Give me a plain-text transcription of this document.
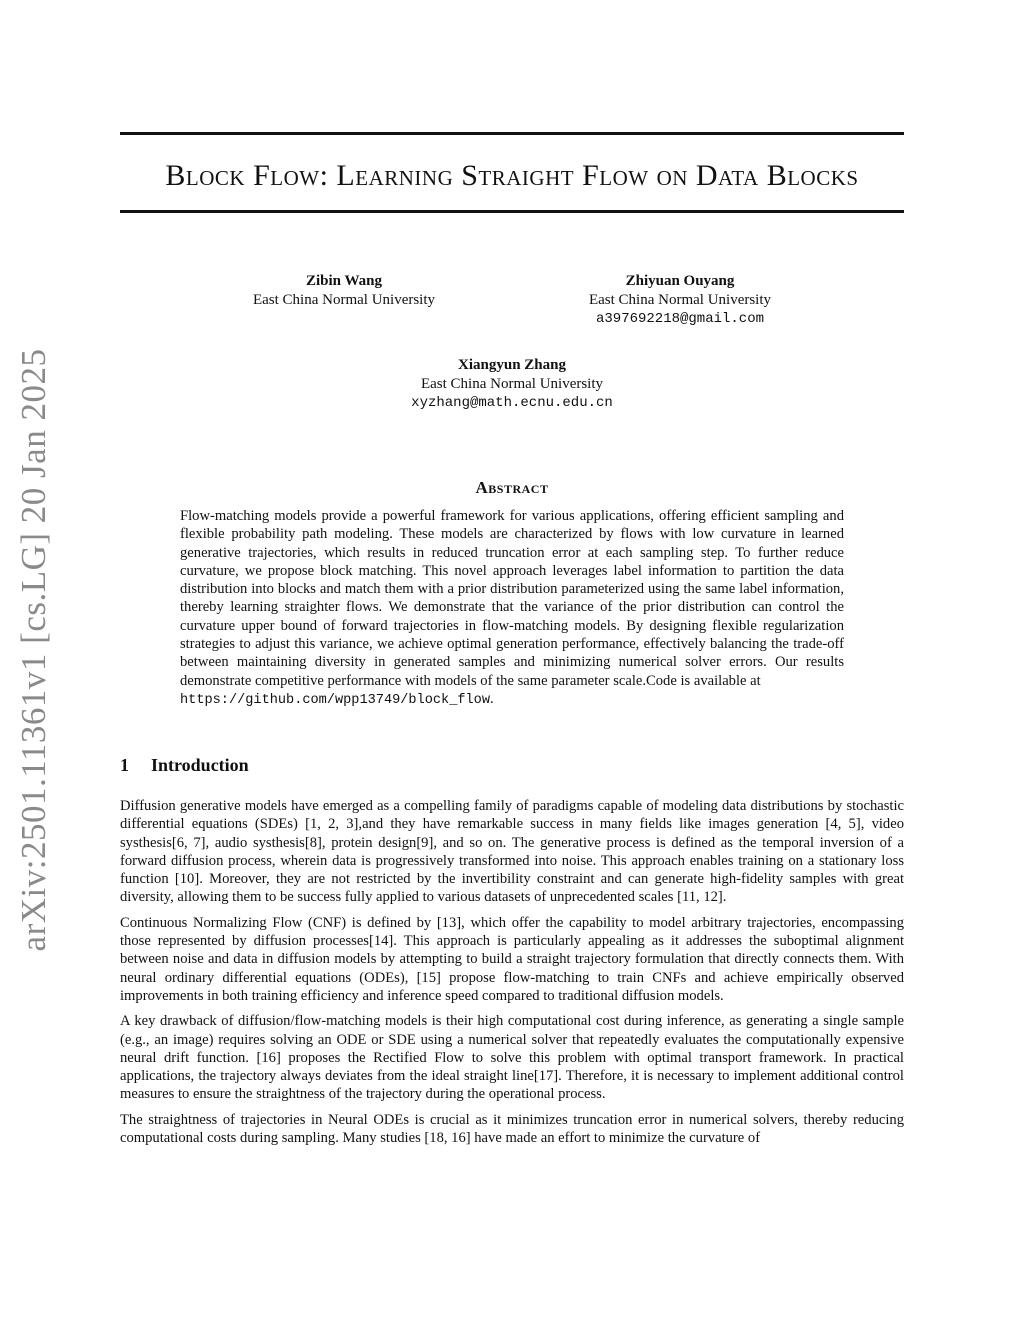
arXiv:2501.11361v1 [cs.LG] 20 Jan 2025
Block Flow: Learning Straight Flow on Data Blocks
Zibin Wang
East China Normal University
Zhiyuan Ouyang
East China Normal University
a397692218@gmail.com
Xiangyun Zhang
East China Normal University
xyzhang@math.ecnu.edu.cn
Abstract

Flow-matching models provide a powerful framework for various applications, offering efficient sampling and flexible probability path modeling. These models are characterized by flows with low curvature in learned generative trajectories, which results in reduced truncation error at each sampling step. To further reduce curvature, we propose block matching. This novel approach leverages label information to partition the data distribution into blocks and match them with a prior distribution parameterized using the same label information, thereby learning straighter flows. We demonstrate that the variance of the prior distribution can control the curvature upper bound of forward trajectories in flow-matching models. By designing flexible regularization strategies to adjust this variance, we achieve optimal generation performance, effectively balancing the trade-off between maintaining diversity in generated samples and minimizing numerical solver errors. Our results demonstrate competitive performance with models of the same parameter scale.Code is available at
https://github.com/wpp13749/block_flow.

1 Introduction

Diffusion generative models have emerged as a compelling family of paradigms capable of modeling data distributions by stochastic differential equations (SDEs) [1, 2, 3],and they have remarkable success in many fields like images generation [4, 5], video systhesis[6, 7], audio systhesis[8], protein design[9], and so on. The generative process is defined as the temporal inversion of a forward diffusion process, wherein data is progressively transformed into noise. This approach enables training on a stationary loss function [10]. Moreover, they are not restricted by the invertibility constraint and can generate high-fidelity samples with great diversity, allowing them to be success fully applied to various datasets of unprecedented scales [11, 12].

Continuous Normalizing Flow (CNF) is defined by [13], which offer the capability to model arbitrary trajectories, encompassing those represented by diffusion processes[14]. This approach is particularly appealing as it addresses the suboptimal alignment between noise and data in diffusion models by attempting to build a straight trajectory formulation that directly connects them. With neural ordinary differential equations (ODEs), [15] propose flow-matching to train CNFs and achieve empirically observed improvements in both training efficiency and inference speed compared to traditional diffusion models.

A key drawback of diffusion/flow-matching models is their high computational cost during inference, as generating a single sample (e.g., an image) requires solving an ODE or SDE using a numerical solver that repeatedly evaluates the computationally expensive neural drift function. [16] proposes the Rectified Flow to solve this problem with optimal transport framework. In practical applications, the trajectory always deviates from the ideal straight line[17]. Therefore, it is necessary to implement additional control measures to ensure the straightness of the trajectory during the operational process.

The straightness of trajectories in Neural ODEs is crucial as it minimizes truncation error in numerical solvers, thereby reducing computational costs during sampling. Many studies [18, 16] have made an effort to minimize the curvature of
